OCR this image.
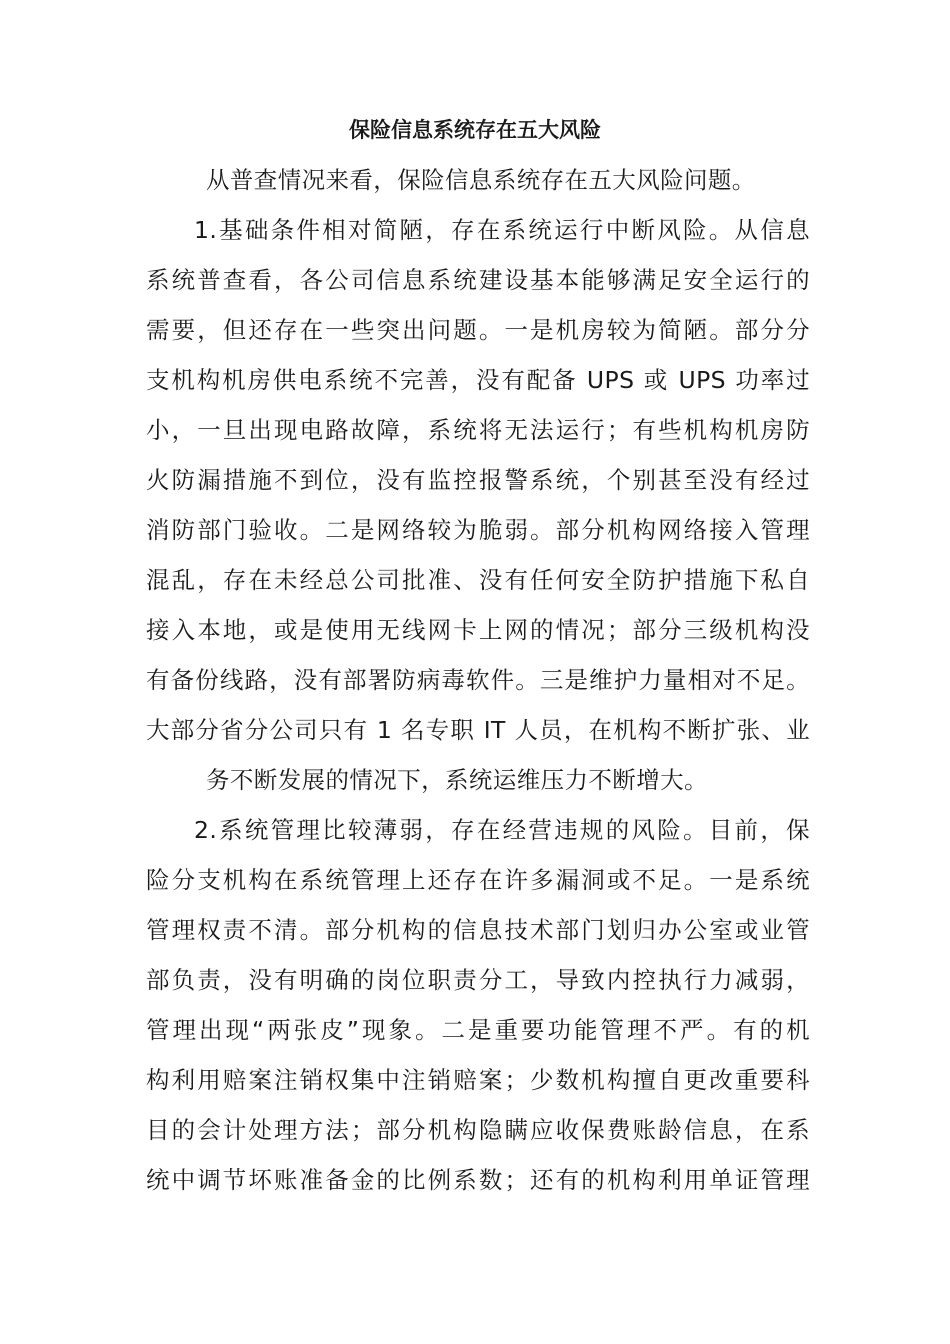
保险信息系统存在五大风险
从普查情况来看，保险信息系统存在五大风险问题。
1.基础条件相对简陋，存在系统运行中断风险。从信息
系统普查看，各公司信息系统建设基本能够满足安全运行的
需要，但还存在一些突出问题。一是机房较为简陋。部分分
支机构机房供电系统不完善，没有配备 UPS 或 UPS 功率过
小，一旦出现电路故障，系统将无法运行；有些机构机房防
火防漏措施不到位，没有监控报警系统，个别甚至没有经过
消防部门验收。二是网络较为脆弱。部分机构网络接入管理
混乱，存在未经总公司批准、没有任何安全防护措施下私自
接入本地，或是使用无线网卡上网的情况；部分三级机构没
有备份线路，没有部署防病毒软件。三是维护力量相对不足。
大部分省分公司只有 1 名专职 IT 人员，在机构不断扩张、业
务不断发展的情况下，系统运维压力不断增大。
2.系统管理比较薄弱，存在经营违规的风险。目前，保
险分支机构在系统管理上还存在许多漏洞或不足。一是系统
管理权责不清。部分机构的信息技术部门划归办公室或业管
部负责，没有明确的岗位职责分工，导致内控执行力减弱，
管理出现“两张皮”现象。二是重要功能管理不严。有的机
构利用赔案注销权集中注销赔案；少数机构擅自更改重要科
目的会计处理方法；部分机构隐瞒应收保费账龄信息，在系
统中调节坏账准备金的比例系数；还有的机构利用单证管理
